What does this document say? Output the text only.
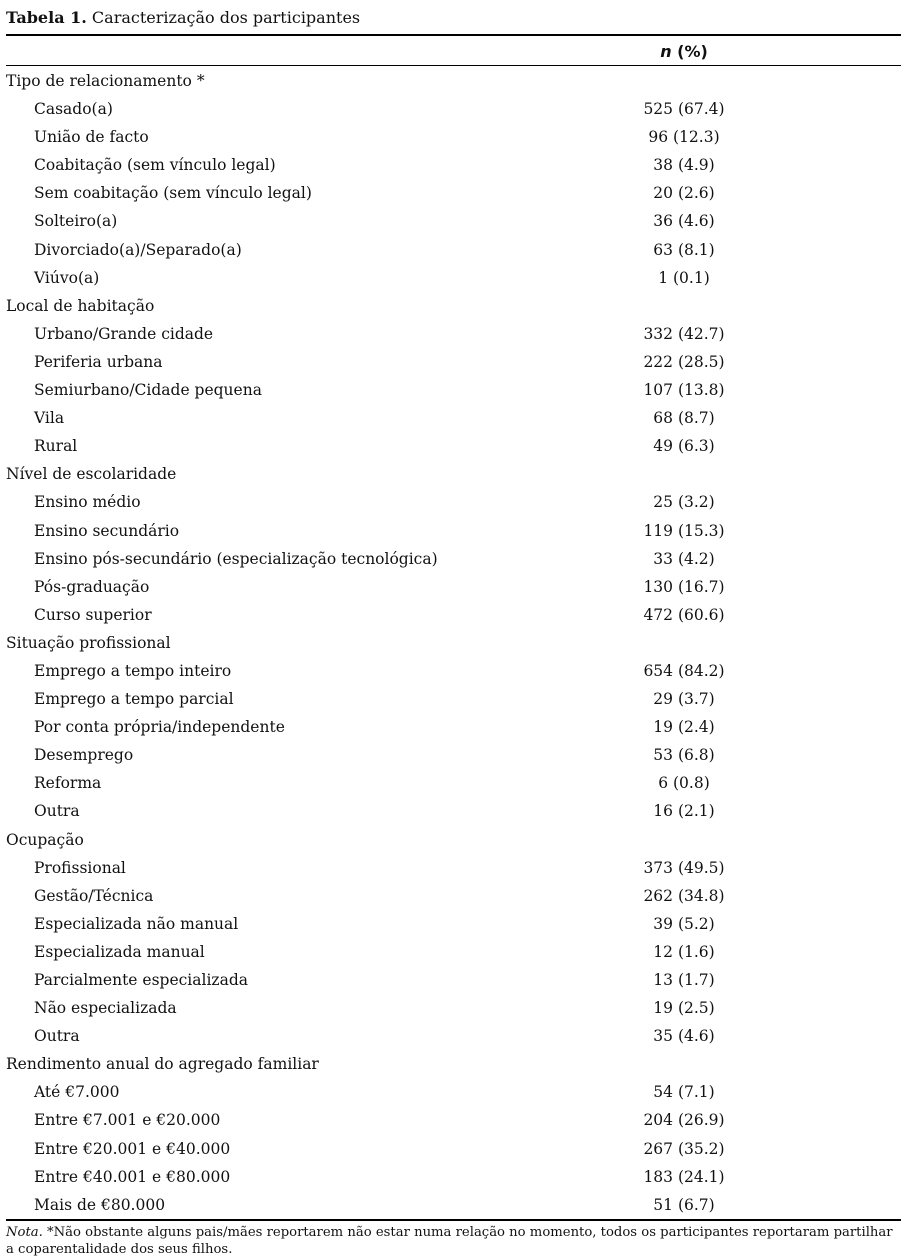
Tabela 1. Caracterização dos participantes
n (%)
Tipo de relacionamento *
Casado(a)	525 (67.4)
União de facto	96 (12.3)
Coabitação (sem vínculo legal)	38 (4.9)
Sem coabitação (sem vínculo legal)	20 (2.6)
Solteiro(a)	36 (4.6)
Divorciado(a)/Separado(a)	63 (8.1)
Viúvo(a)	1 (0.1)
Local de habitação
Urbano/Grande cidade	332 (42.7)
Periferia urbana	222 (28.5)
Semiurbano/Cidade pequena	107 (13.8)
Vila	68 (8.7)
Rural	49 (6.3)
Nível de escolaridade
Ensino médio	25 (3.2)
Ensino secundário	119 (15.3)
Ensino pós-secundário (especialização tecnológica)	33 (4.2)
Pós-graduação	130 (16.7)
Curso superior	472 (60.6)
Situação profissional
Emprego a tempo inteiro	654 (84.2)
Emprego a tempo parcial	29 (3.7)
Por conta própria/independente	19 (2.4)
Desemprego	53 (6.8)
Reforma	6 (0.8)
Outra	16 (2.1)
Ocupação
Profissional	373 (49.5)
Gestão/Técnica	262 (34.8)
Especializada não manual	39 (5.2)
Especializada manual	12 (1.6)
Parcialmente especializada	13 (1.7)
Não especializada	19 (2.5)
Outra	35 (4.6)
Rendimento anual do agregado familiar
Até €7.000	54 (7.1)
Entre €7.001 e €20.000	204 (26.9)
Entre €20.001 e €40.000	267 (35.2)
Entre €40.001 e €80.000	183 (24.1)
Mais de €80.000	51 (6.7)
Nota. *Não obstante alguns pais/mães reportarem não estar numa relação no momento, todos os participantes reportaram partilhar a coparentalidade dos seus filhos.
